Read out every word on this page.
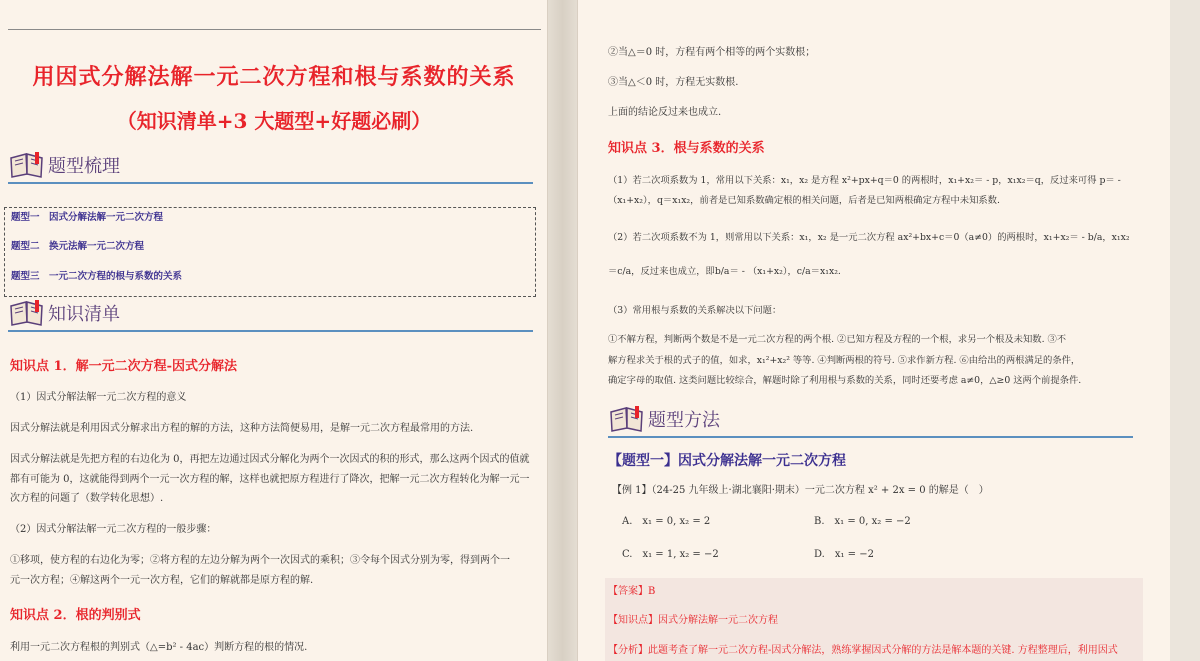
用因式分解法解一元二次方程和根与系数的关系
（知识清单+3 大题型+好题必刷）
题型梳理
题型一　因式分解法解一元二次方程
题型二　换元法解一元二次方程
题型三　一元二次方程的根与系数的关系
知识清单
知识点 1．解一元二次方程-因式分解法
（1）因式分解法解一元二次方程的意义
因式分解法就是利用因式分解求出方程的解的方法，这种方法简便易用，是解一元二次方程最常用的方法.
因式分解法就是先把方程的右边化为 0，再把左边通过因式分解化为两个一次因式的积的形式，那么这两个因式的值就
都有可能为 0，这就能得到两个一元一次方程的解，这样也就把原方程进行了降次，把解一元二次方程转化为解一元一
次方程的问题了（数学转化思想）.
（2）因式分解法解一元二次方程的一般步骤：
①移项，使方程的右边化为零；②将方程的左边分解为两个一次因式的乘积；③令每个因式分别为零，得到两个一
元一次方程；④解这两个一元一次方程，它们的解就都是原方程的解.
知识点 2．根的判别式
利用一元二次方程根的判别式（△=b² - 4ac）判断方程的根的情况.
②当△＝0 时，方程有两个相等的两个实数根；
③当△＜0 时，方程无实数根.
上面的结论反过来也成立.
知识点 3．根与系数的关系
（1）若二次项系数为 1，常用以下关系：x₁，x₂ 是方程 x²+px+q＝0 的两根时，x₁+x₂＝ - p，x₁x₂＝q，反过来可得 p＝ -
（x₁+x₂），q＝x₁x₂，前者是已知系数确定根的相关问题，后者是已知两根确定方程中未知系数.
（2）若二次项系数不为 1，则常用以下关系：x₁，x₂ 是一元二次方程 ax²+bx+c＝0（a≠0）的两根时，x₁+x₂＝ - b/a，x₁x₂
＝c/a，反过来也成立，即b/a＝ - （x₁+x₂），c/a＝x₁x₂.
（3）常用根与系数的关系解决以下问题：
①不解方程，判断两个数是不是一元二次方程的两个根. ②已知方程及方程的一个根，求另一个根及未知数. ③不
解方程求关于根的式子的值，如求，x₁²+x₂² 等等. ④判断两根的符号. ⑤求作新方程. ⑥由给出的两根满足的条件，
确定字母的取值. 这类问题比较综合，解题时除了利用根与系数的关系，同时还要考虑 a≠0，△≥0 这两个前提条件.
题型方法
【题型一】因式分解法解一元二次方程
【例 1】（24-25 九年级上·湖北襄阳·期末）一元二次方程 x² + 2x = 0 的解是（　）
A.　x₁ = 0, x₂ = 2	B.　x₁ = 0, x₂ = −2
C.　x₁ = 1, x₂ = −2	D.　x₁ = −2
【答案】B
【知识点】因式分解法解一元二次方程
【分析】此题考查了解一元二次方程-因式分解法，熟练掌握因式分解的方法是解本题的关键. 方程整理后，利用因式
